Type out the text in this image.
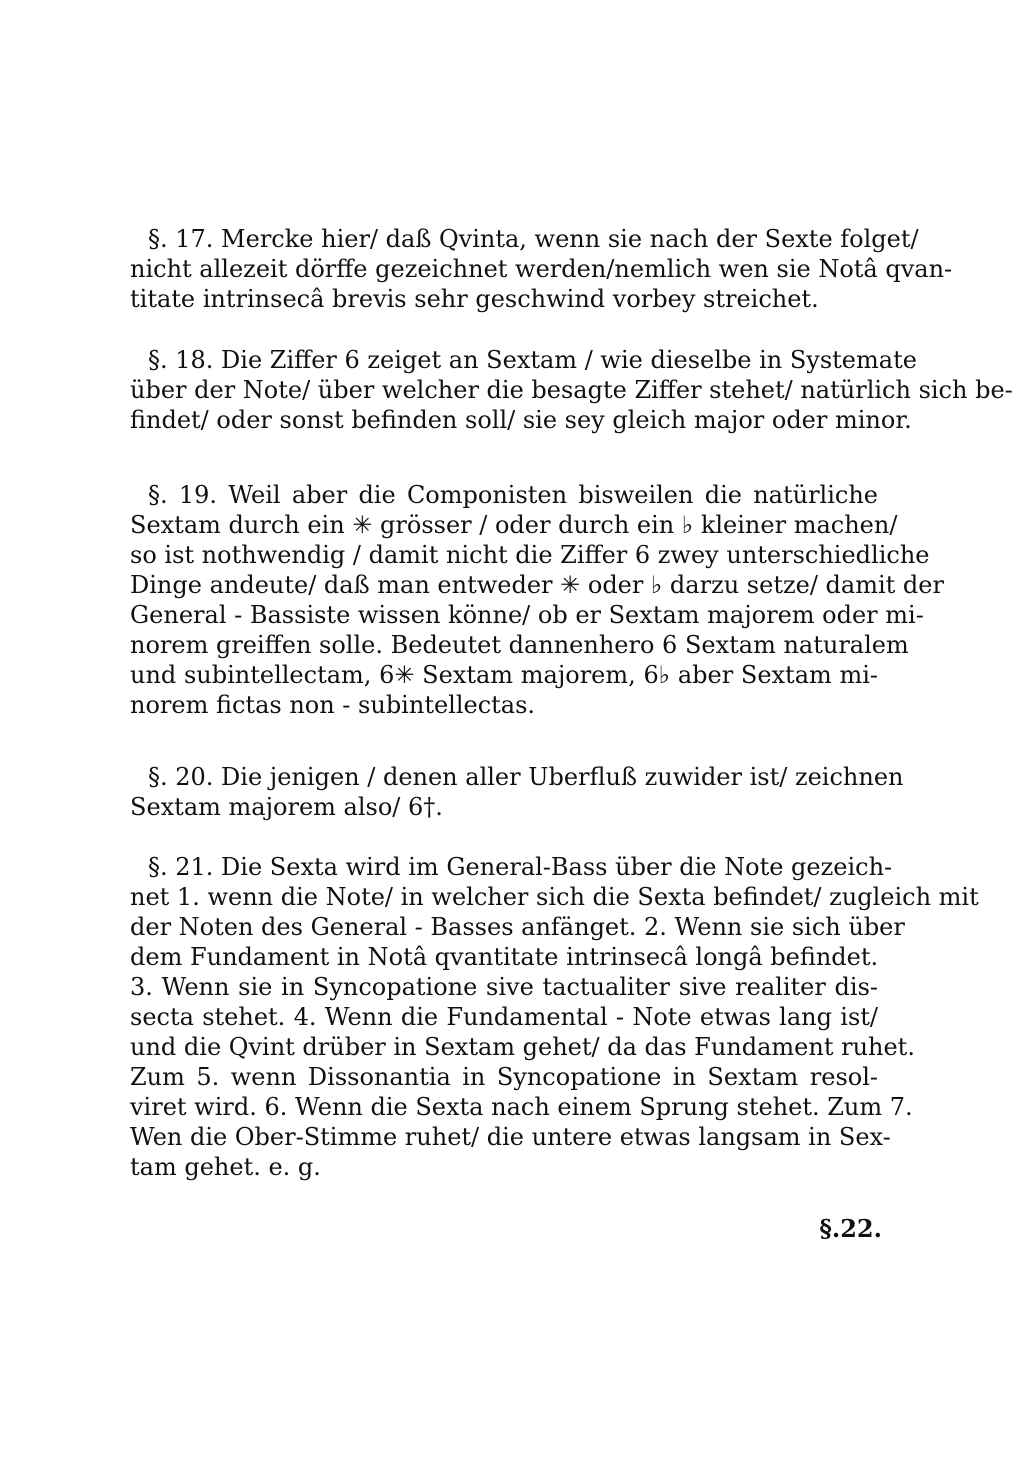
§. 17. Mercke hier/ daß Qvinta, wenn sie nach der Sexte folget/
nicht allezeit dörffe gezeichnet werden/nemlich wen sie Notâ qvan-
titate intrinsecâ brevis sehr geschwind vorbey streichet.
§. 18. Die Ziffer 6 zeiget an Sextam / wie dieselbe in Systemate
über der Note/ über welcher die besagte Ziffer stehet/ natürlich sich be-
findet/ oder sonst befinden soll/ sie sey gleich major oder minor.
§. 19. Weil aber die Componisten bisweilen die natürliche
Sextam durch ein ✳ grösser / oder durch ein ♭ kleiner machen/
so ist nothwendig / damit nicht die Ziffer 6 zwey unterschiedliche
Dinge andeute/ daß man entweder ✳ oder ♭ darzu setze/ damit der
General - Bassiste wissen könne/ ob er Sextam majorem oder mi-
norem greiffen solle. Bedeutet dannenhero 6 Sextam naturalem
und subintellectam, 6✳ Sextam majorem, 6♭ aber Sextam mi-
norem fictas non - subintellectas.
§. 20. Die jenigen / denen aller Uberfluß zuwider ist/ zeichnen
Sextam majorem also/ 6†.
§. 21. Die Sexta wird im General-Bass über die Note gezeich-
net 1. wenn die Note/ in welcher sich die Sexta befindet/ zugleich mit
der Noten des General - Basses anfänget. 2. Wenn sie sich über
dem Fundament in Notâ qvantitate intrinsecâ longâ befindet.
3. Wenn sie in Syncopatione sive tactualiter sive realiter dis-
secta stehet. 4. Wenn die Fundamental - Note etwas lang ist/
und die Qvint drüber in Sextam gehet/ da das Fundament ruhet.
Zum 5. wenn Dissonantia in Syncopatione in Sextam resol-
viret wird. 6. Wenn die Sexta nach einem Sprung stehet. Zum 7.
Wen die Ober-Stimme ruhet/ die untere etwas langsam in Sex-
tam gehet. e. g.
§.22.
